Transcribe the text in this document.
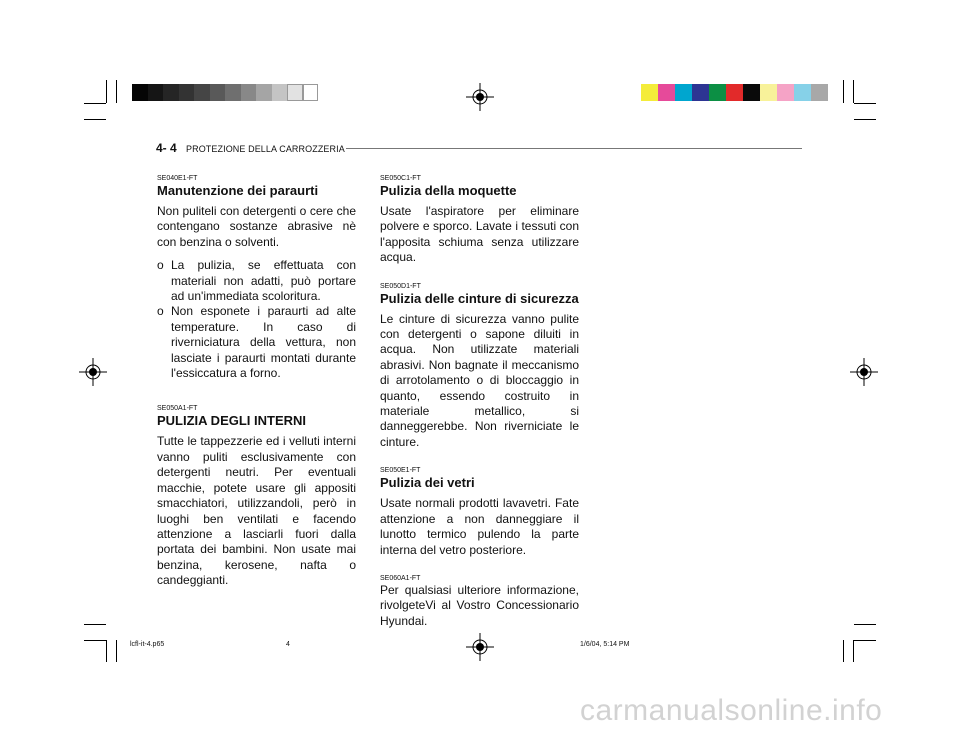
4- 4 PROTEZIONE DELLA CARROZZERIA

SE040E1-FT

Manutenzione dei paraurti

Non puliteli con detergenti o cere che contengano sostanze abrasive nè con benzina o solventi.

o La pulizia, se effettuata con materiali non adatti, può portare ad un'immediata scoloritura.
o Non esponete i paraurti ad alte temperature. In caso di riverniciatura della vettura, non lasciate i paraurti montati durante l'essiccatura a forno.

SE050A1-FT

PULIZIA DEGLI INTERNI

Tutte le tappezzerie ed i velluti interni vanno puliti esclusivamente con detergenti neutri. Per eventuali macchie, potete usare gli appositi smacchiatori, utilizzandoli, però in luoghi ben ventilati e facendo attenzione a lasciarli fuori dalla portata dei bambini. Non usate mai benzina, kerosene, nafta o candeggianti.

SE050C1-FT

Pulizia della moquette

Usate l'aspiratore per eliminare polvere e sporco. Lavate i tessuti con l'apposita schiuma senza utilizzare acqua.

SE050D1-FT

Pulizia delle cinture di sicurezza

Le cinture di sicurezza vanno pulite con detergenti o sapone diluiti in acqua. Non utilizzate materiali abrasivi. Non bagnate il meccanismo di arrotolamento o di bloccaggio in quanto, essendo costruito in materiale metallico, si danneggerebbe. Non riverniciate le cinture.

SE050E1-FT

Pulizia dei vetri

Usate normali prodotti lavavetri. Fate attenzione a non danneggiare il lunotto termico pulendo la parte interna del vetro posteriore.

SE060A1-FT

Per qualsiasi ulteriore informazione, rivolgeteVi al Vostro Concessionario Hyundai.

lcfl-it-4.p65	4	1/6/04, 5:14 PM
carmanualsonline.info
